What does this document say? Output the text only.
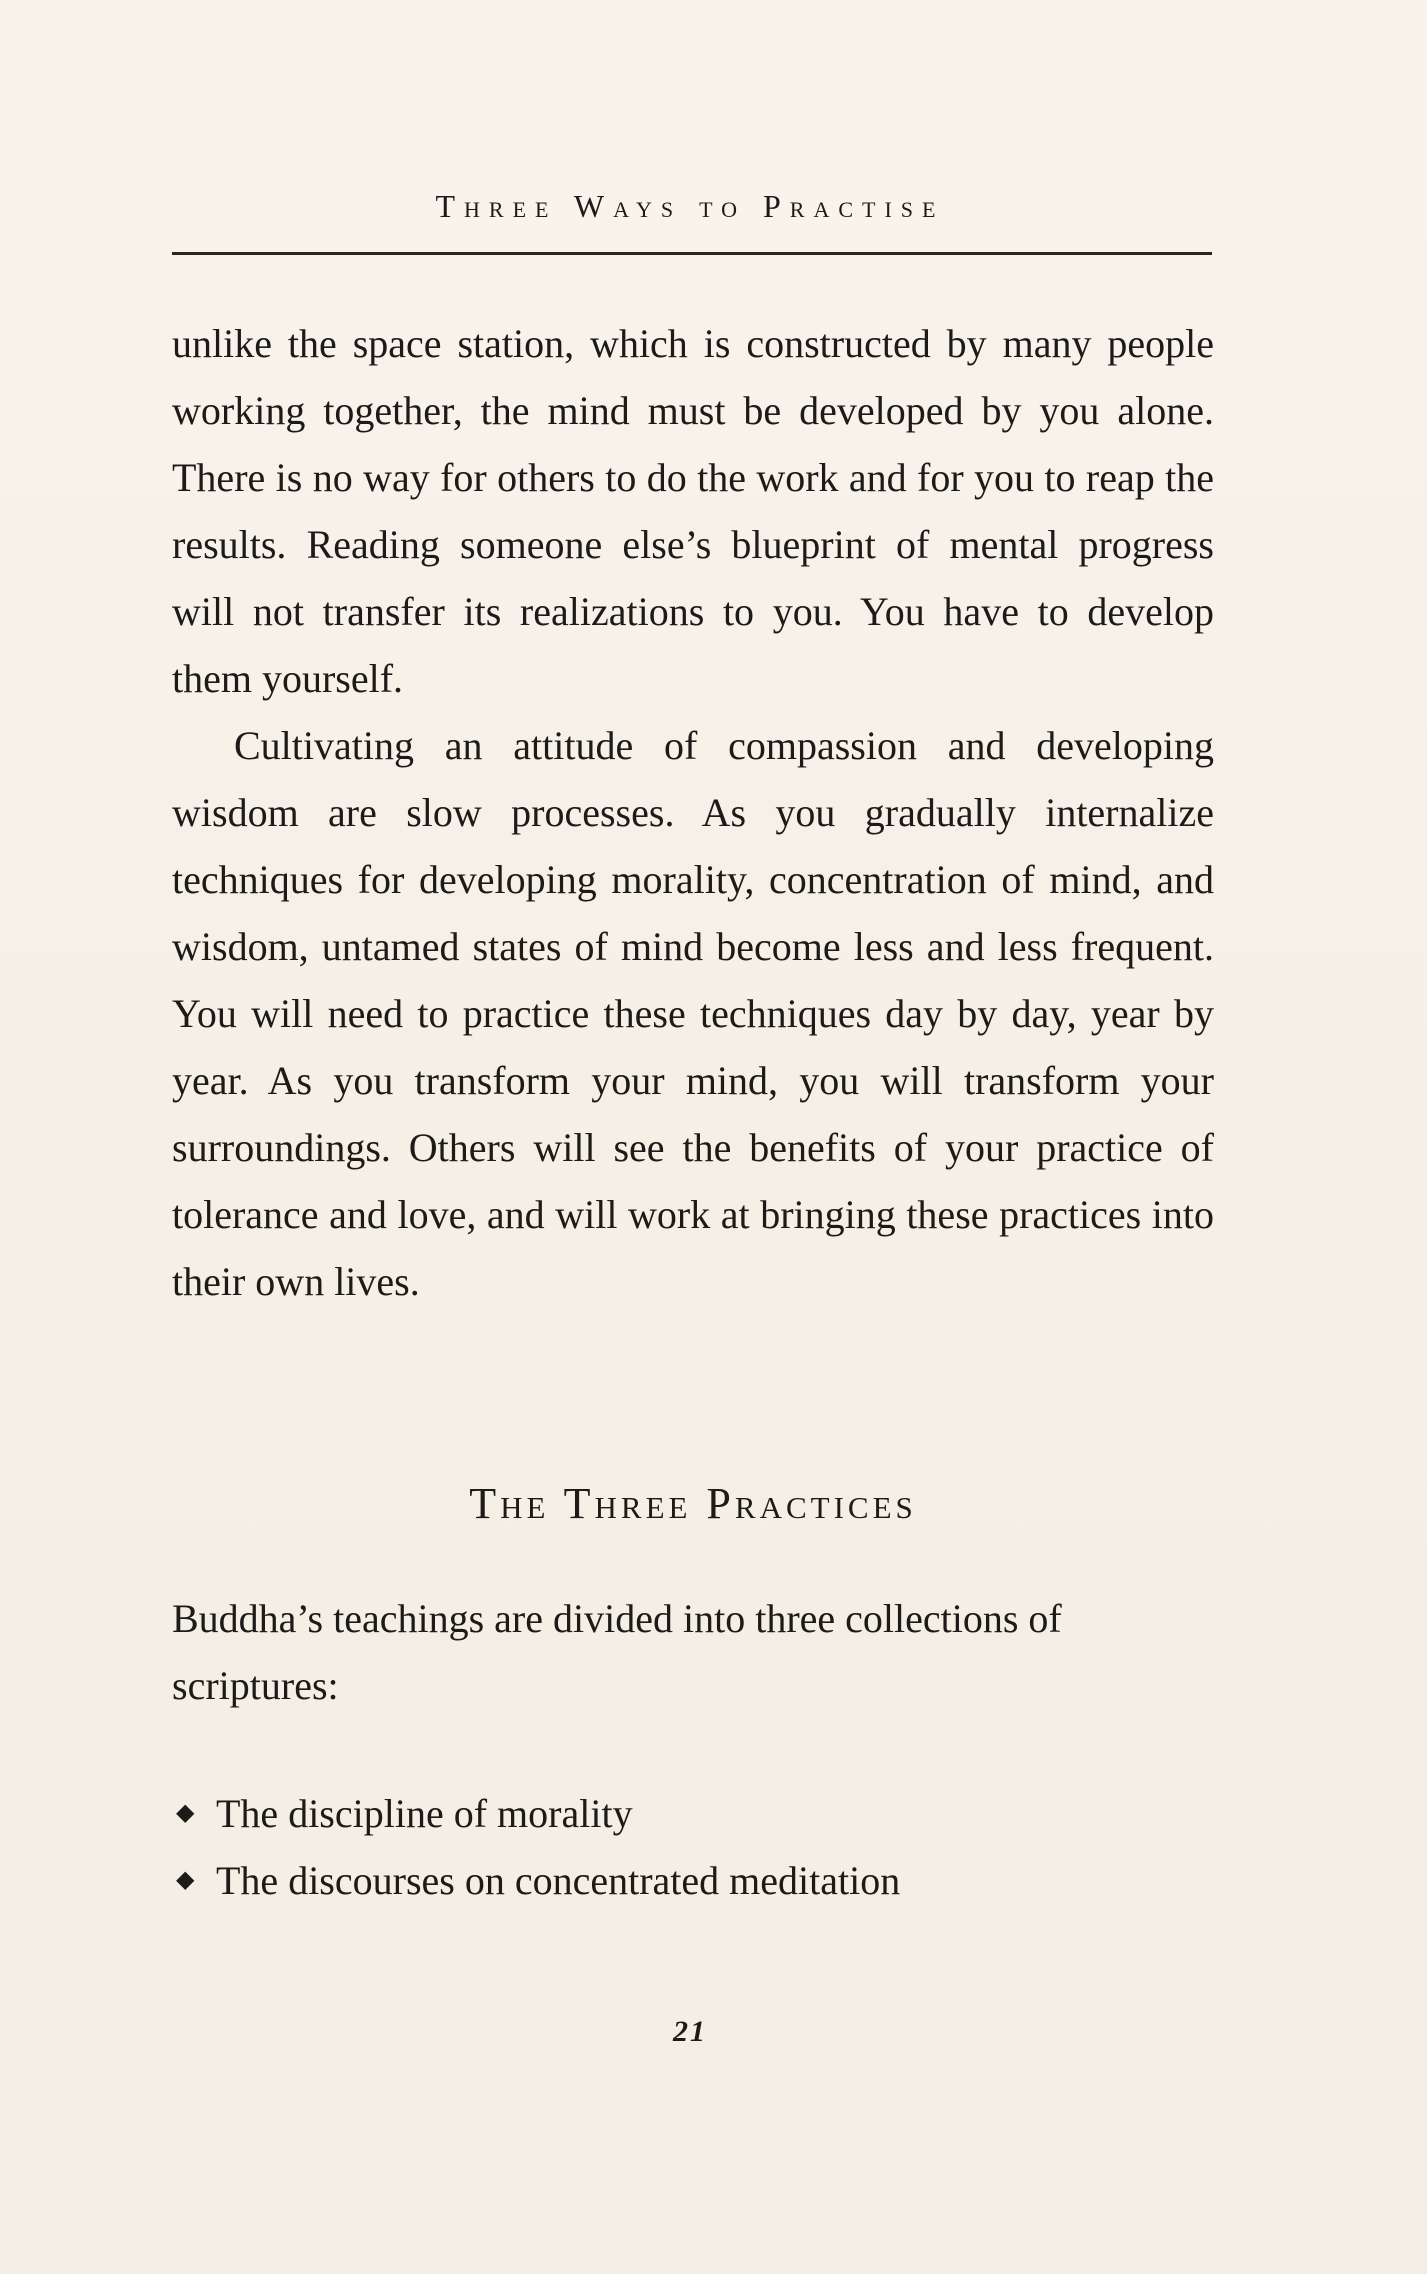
Three Ways to Practise

unlike the space station, which is constructed by many people working together, the mind must be developed by you alone. There is no way for others to do the work and for you to reap the results. Reading someone else’s blueprint of mental progress will not transfer its realizations to you. You have to develop them yourself.

Cultivating an attitude of compassion and developing wisdom are slow processes. As you gradually internalize techniques for developing morality, concentration of mind, and wisdom, untamed states of mind become less and less frequent. You will need to practice these techniques day by day, year by year. As you transform your mind, you will transform your surroundings. Others will see the benefits of your practice of tolerance and love, and will work at bringing these practices into their own lives.

The Three Practices

Buddha’s teachings are divided into three collections of scriptures:

◆ The discipline of morality
◆ The discourses on concentrated meditation
21
